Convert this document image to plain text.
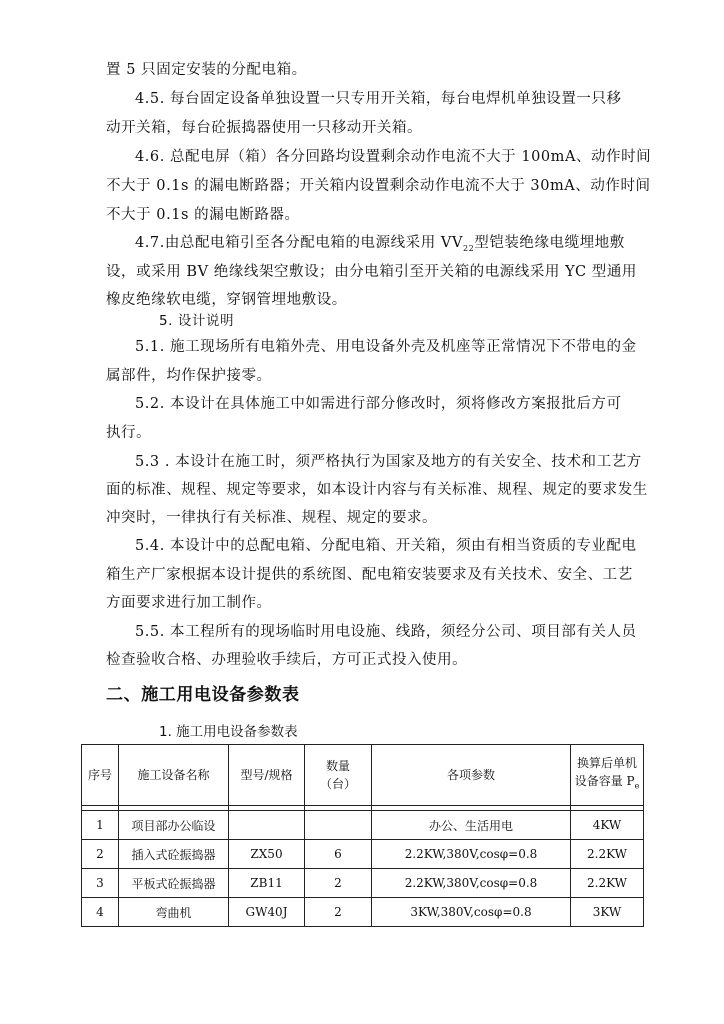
置 5 只固定安装的分配电箱。
4.5. 每台固定设备单独设置一只专用开关箱，每台电焊机单独设置一只移
动开关箱，每台砼振捣器使用一只移动开关箱。
4.6. 总配电屏（箱）各分回路均设置剩余动作电流不大于 100mA、动作时间
不大于 0.1s 的漏电断路器；开关箱内设置剩余动作电流不大于 30mA、动作时间
不大于 0.1s 的漏电断路器。
4.7.由总配电箱引至各分配电箱的电源线采用 $VV_{22}$型铠装绝缘电缆埋地敷
设，或采用 BV 绝缘线架空敷设；由分电箱引至开关箱的电源线采用 YC 型通用
橡皮绝缘软电缆，穿钢管埋地敷设。
5. 设计说明
5.1. 施工现场所有电箱外壳、用电设备外壳及机座等正常情况下不带电的金
属部件，均作保护接零。
5.2. 本设计在具体施工中如需进行部分修改时，须将修改方案报批后方可
执行。
5.3 . 本设计在施工时，须严格执行为国家及地方的有关安全、技术和工艺方
面的标准、规程、规定等要求，如本设计内容与有关标准、规程、规定的要求发生
冲突时，一律执行有关标准、规程、规定的要求。
5.4. 本设计中的总配电箱、分配电箱、开关箱，须由有相当资质的专业配电
箱生产厂家根据本设计提供的系统图、配电箱安装要求及有关技术、安全、工艺
方面要求进行加工制作。
5.5. 本工程所有的现场临时用电设施、线路，须经分公司、项目部有关人员
检查验收合格、办理验收手续后，方可正式投入使用。
二、施工用电设备参数表
1. 施工用电设备参数表
序号	施工设备名称	型号/规格	数量
（台）	各项参数	换算后单机
设备容量 $P_e$

1	项目部办公临设			办公、生活用电	4KW
2	插入式砼振捣器	ZX50	6	2.2KW,380V,cosφ=0.8	2.2KW
3	平板式砼振捣器	ZB11	2	2.2KW,380V,cosφ=0.8	2.2KW
4	弯曲机	GW40J	2	3KW,380V,cosφ=0.8	3KW
